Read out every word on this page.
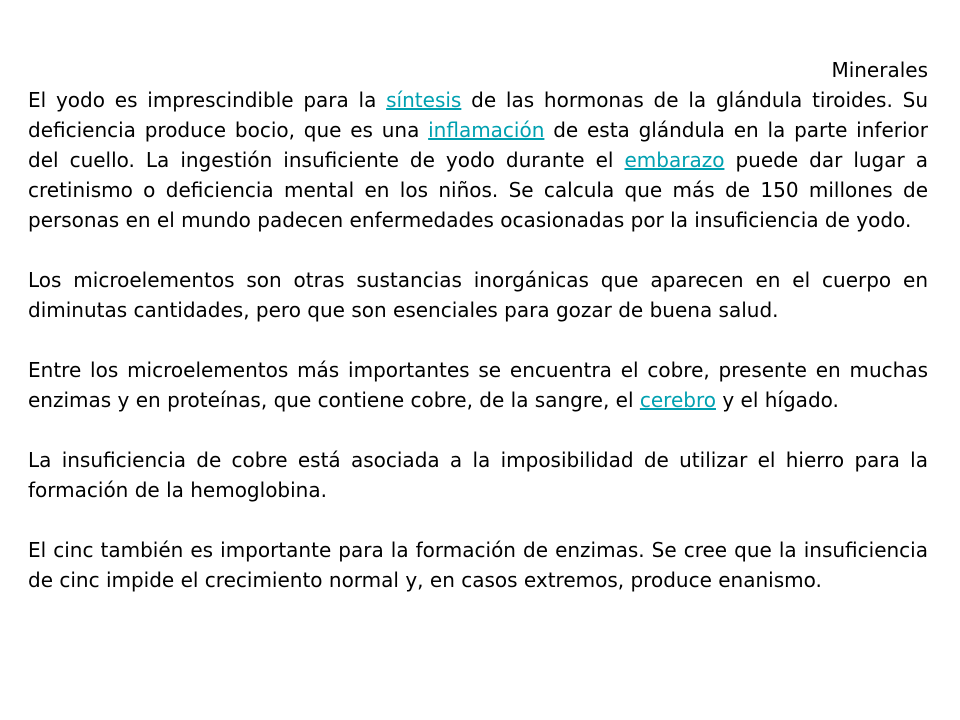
Minerales

El yodo es imprescindible para la síntesis de las hormonas de la glándula tiroides. Su deficiencia produce bocio, que es una inflamación de esta glándula en la parte inferior del cuello. La ingestión insuficiente de yodo durante el embarazo puede dar lugar a cretinismo o deficiencia mental en los niños. Se calcula que más de 150 millones de personas en el mundo padecen enfermedades ocasionadas por la insuficiencia de yodo.

Los microelementos son otras sustancias inorgánicas que aparecen en el cuerpo en diminutas cantidades, pero que son esenciales para gozar de buena salud.

Entre los microelementos más importantes se encuentra el cobre, presente en muchas enzimas y en proteínas, que contiene cobre, de la sangre, el cerebro y el hígado.

La insuficiencia de cobre está asociada a la imposibilidad de utilizar el hierro para la formación de la hemoglobina.

El cinc también es importante para la formación de enzimas. Se cree que la insuficiencia de cinc impide el crecimiento normal y, en casos extremos, produce enanismo.
